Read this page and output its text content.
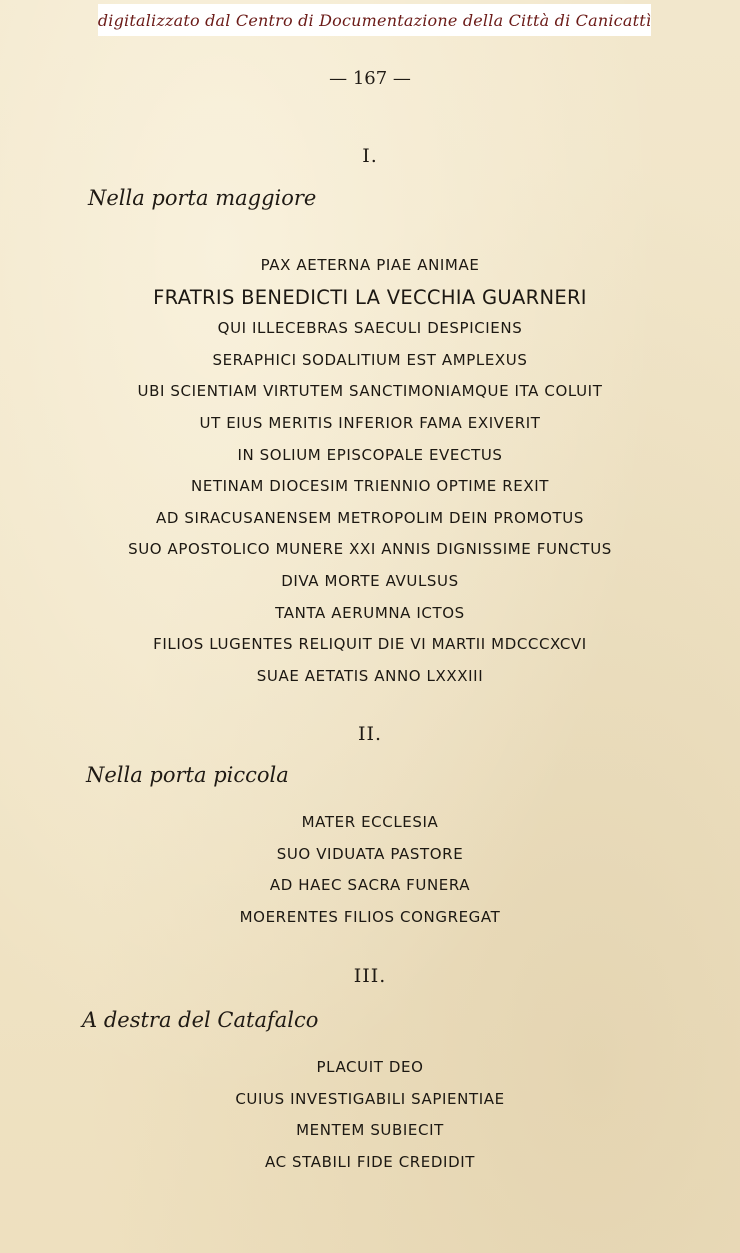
digitalizzato dal Centro di Documentazione della Città di Canicattì
— 167 —
I.
Nella porta maggiore
PAX AETERNA PIAE ANIMAE
FRATRIS BENEDICTI LA VECCHIA GUARNERI
QUI ILLECEBRAS SAECULI DESPICIENS
SERAPHICI SODALITIUM EST AMPLEXUS
UBI SCIENTIAM VIRTUTEM SANCTIMONIAMQUE ITA COLUIT
UT EIUS MERITIS INFERIOR FAMA EXIVERIT
IN SOLIUM EPISCOPALE EVECTUS
NETINAM DIOCESIM TRIENNIO OPTIME REXIT
AD SIRACUSANENSEM METROPOLIM DEIN PROMOTUS
SUO APOSTOLICO MUNERE XXI ANNIS DIGNISSIME FUNCTUS
DIVA MORTE AVULSUS
TANTA AERUMNA ICTOS
FILIOS LUGENTES RELIQUIT DIE VI MARTII MDCCCXCVI
SUAE AETATIS ANNO LXXXIII
II.
Nella porta piccola
MATER ECCLESIA
SUO VIDUATA PASTORE
AD HAEC SACRA FUNERA
MOERENTES FILIOS CONGREGAT
III.
A destra del Catafalco
PLACUIT DEO
CUIUS INVESTIGABILI SAPIENTIAE
MENTEM SUBIECIT
AC STABILI FIDE CREDIDIT
